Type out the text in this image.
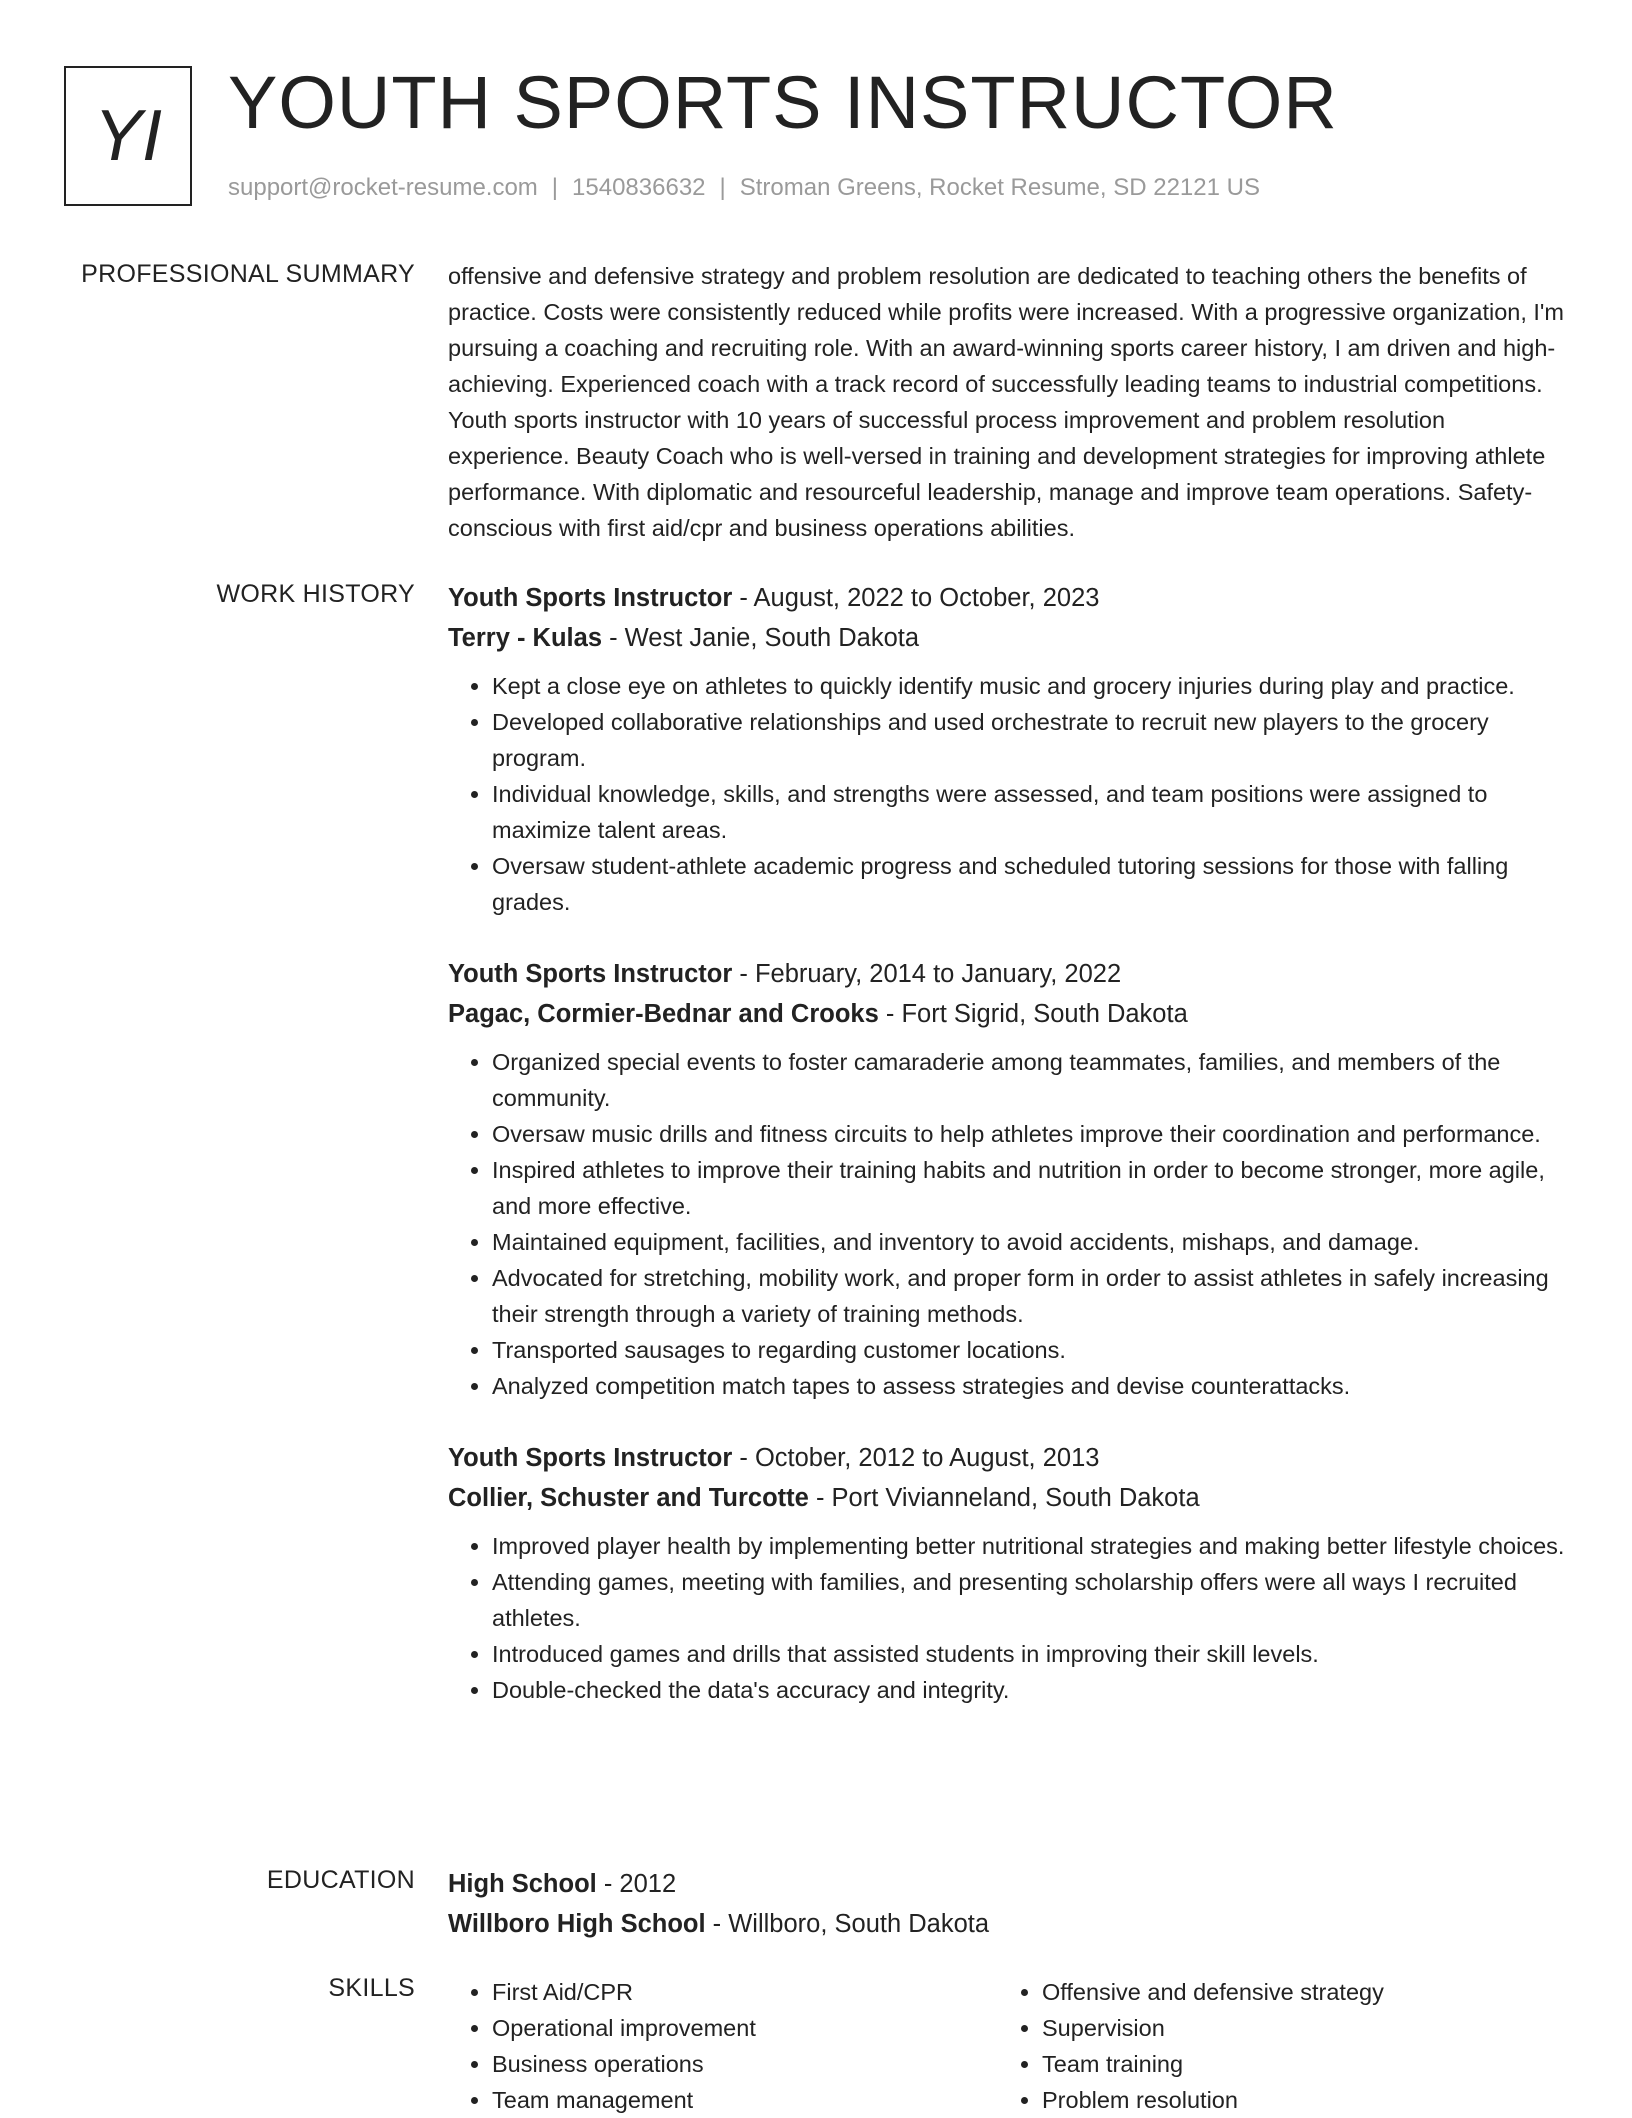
YI YOUTH SPORTS INSTRUCTOR
support@rocket-resume.com | 1540836632 | Stroman Greens, Rocket Resume, SD 22121 US
PROFESSIONAL SUMMARY offensive and defensive strategy and problem resolution are dedicated to teaching others the benefits of practice. Costs were consistently reduced while profits were increased. With a progressive organization, I'm pursuing a coaching and recruiting role. With an award-winning sports career history, I am driven and high-achieving. Experienced coach with a track record of successfully leading teams to industrial competitions. Youth sports instructor with 10 years of successful process improvement and problem resolution experience. Beauty Coach who is well-versed in training and development strategies for improving athlete performance. With diplomatic and resourceful leadership, manage and improve team operations. Safety-conscious with first aid/cpr and business operations abilities.

WORK HISTORY Youth Sports Instructor - August, 2022 to October, 2023
Terry - Kulas - West Janie, South Dakota
• Kept a close eye on athletes to quickly identify music and grocery injuries during play and practice.
• Developed collaborative relationships and used orchestrate to recruit new players to the grocery program.
• Individual knowledge, skills, and strengths were assessed, and team positions were assigned to maximize talent areas.
• Oversaw student-athlete academic progress and scheduled tutoring sessions for those with falling grades.
Youth Sports Instructor - February, 2014 to January, 2022
Pagac, Cormier-Bednar and Crooks - Fort Sigrid, South Dakota
• Organized special events to foster camaraderie among teammates, families, and members of the community.
• Oversaw music drills and fitness circuits to help athletes improve their coordination and performance.
• Inspired athletes to improve their training habits and nutrition in order to become stronger, more agile, and more effective.
• Maintained equipment, facilities, and inventory to avoid accidents, mishaps, and damage.
• Advocated for stretching, mobility work, and proper form in order to assist athletes in safely increasing their strength through a variety of training methods.
• Transported sausages to regarding customer locations.
• Analyzed competition match tapes to assess strategies and devise counterattacks.
Youth Sports Instructor - October, 2012 to August, 2013
Collier, Schuster and Turcotte - Port Vivianneland, South Dakota
• Improved player health by implementing better nutritional strategies and making better lifestyle choices.
• Attending games, meeting with families, and presenting scholarship offers were all ways I recruited athletes.
• Introduced games and drills that assisted students in improving their skill levels.
• Double-checked the data's accuracy and integrity.
EDUCATION High School - 2012
Willboro High School - Willboro, South Dakota
SKILLS
•	First Aid/CPR
• Operational improvement
• Business operations
• Team management
• Offensive and defensive strategy
• Supervision
• Team training
• Problem resolution
